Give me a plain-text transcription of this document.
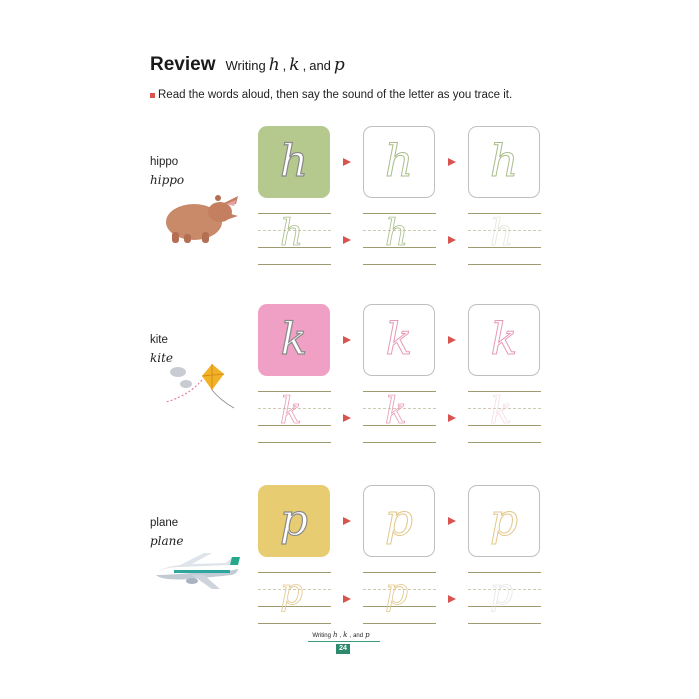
Review Writing h , k , and p
Read the words aloud, then say the sound of the letter as you trace it.
hippo
hippo h h h
h h h
kite
kite k k k
k k k
plane
plane p p p
p p p
Writing h , k , and p
24
